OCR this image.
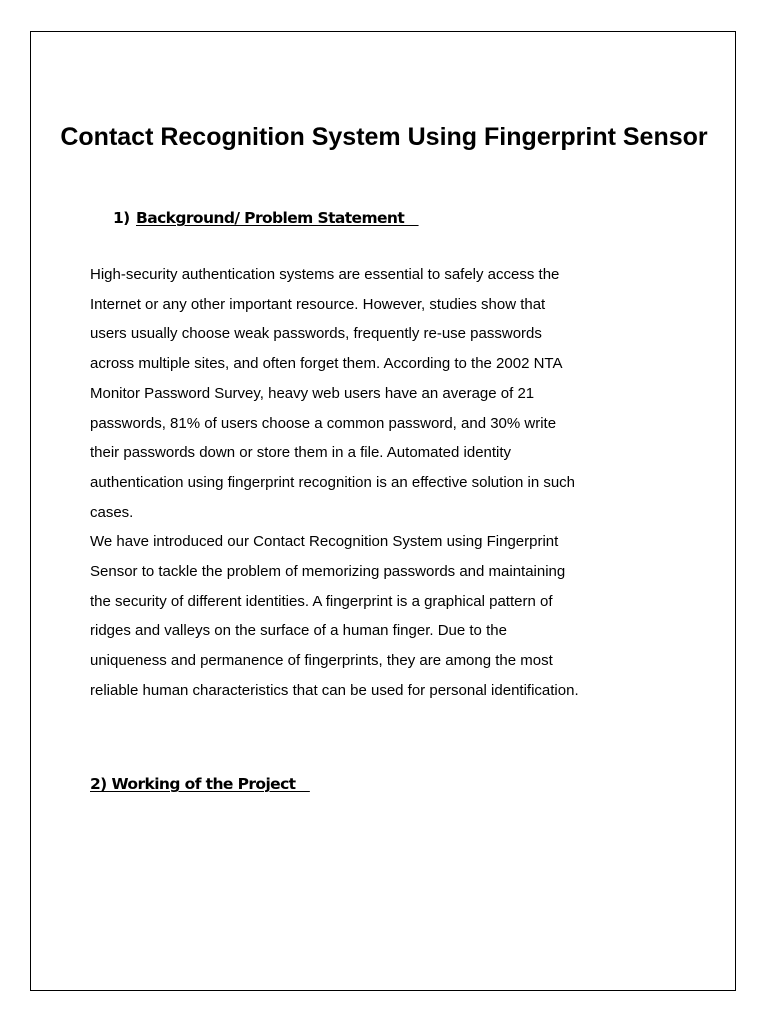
Contact Recognition System Using Fingerprint Sensor
1) Background/ Problem Statement

High-security authentication systems are essential to safely access the Internet or any other important resource. However, studies show that users usually choose weak passwords, frequently re-use passwords across multiple sites, and often forget them. According to the 2002 NTA Monitor Password Survey, heavy web users have an average of 21 passwords, 81% of users choose a common password, and 30% write their passwords down or store them in a file. Automated identity authentication using fingerprint recognition is an effective solution in such cases.

We have introduced our Contact Recognition System using Fingerprint Sensor to tackle the problem of memorizing passwords and maintaining the security of different identities. A fingerprint is a graphical pattern of ridges and valleys on the surface of a human finger. Due to the uniqueness and permanence of fingerprints, they are among the most reliable human characteristics that can be used for personal identification.

2) Working of the Project
